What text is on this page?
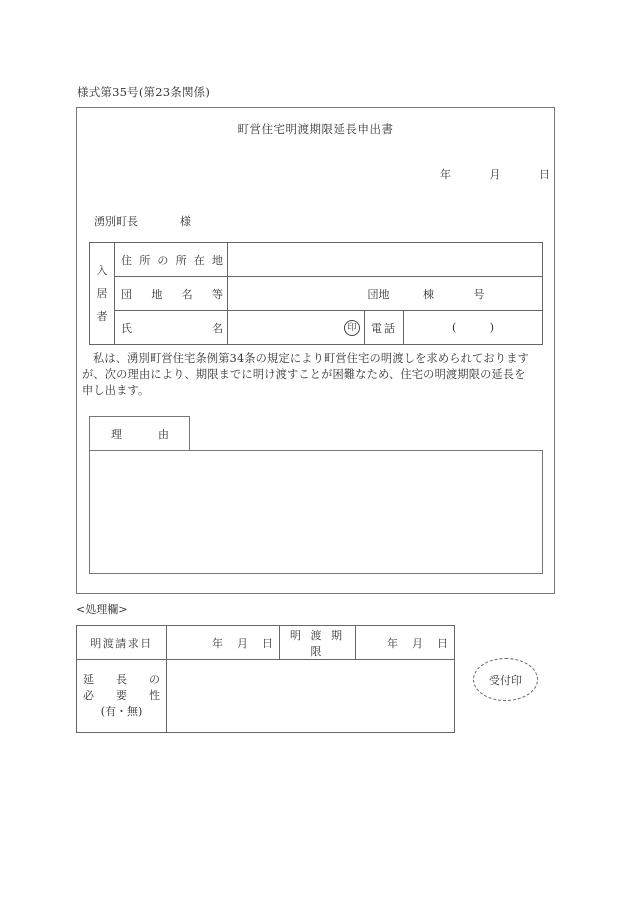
様式第35号(第23条関係)
町営住宅明渡期限延長申出書
年	月	日
湧別町長	様
入
居
者

住 所 の 所 在 地

	団 地 名 等	団地 棟 号		

	氏 名	印	電話	( )
私は、湧別町営住宅条例第34条の規定により町営住宅の明渡しを求められております
が、次の理由により、期限までに明け渡すことが困難なため、住宅の明渡期限の延長を
申し出ます。
理	由
<処理欄>
明渡請求日	年 月 日	明 渡 期 限	年 月 日

延 長 の
必 要 性
(有・無)

受付印
